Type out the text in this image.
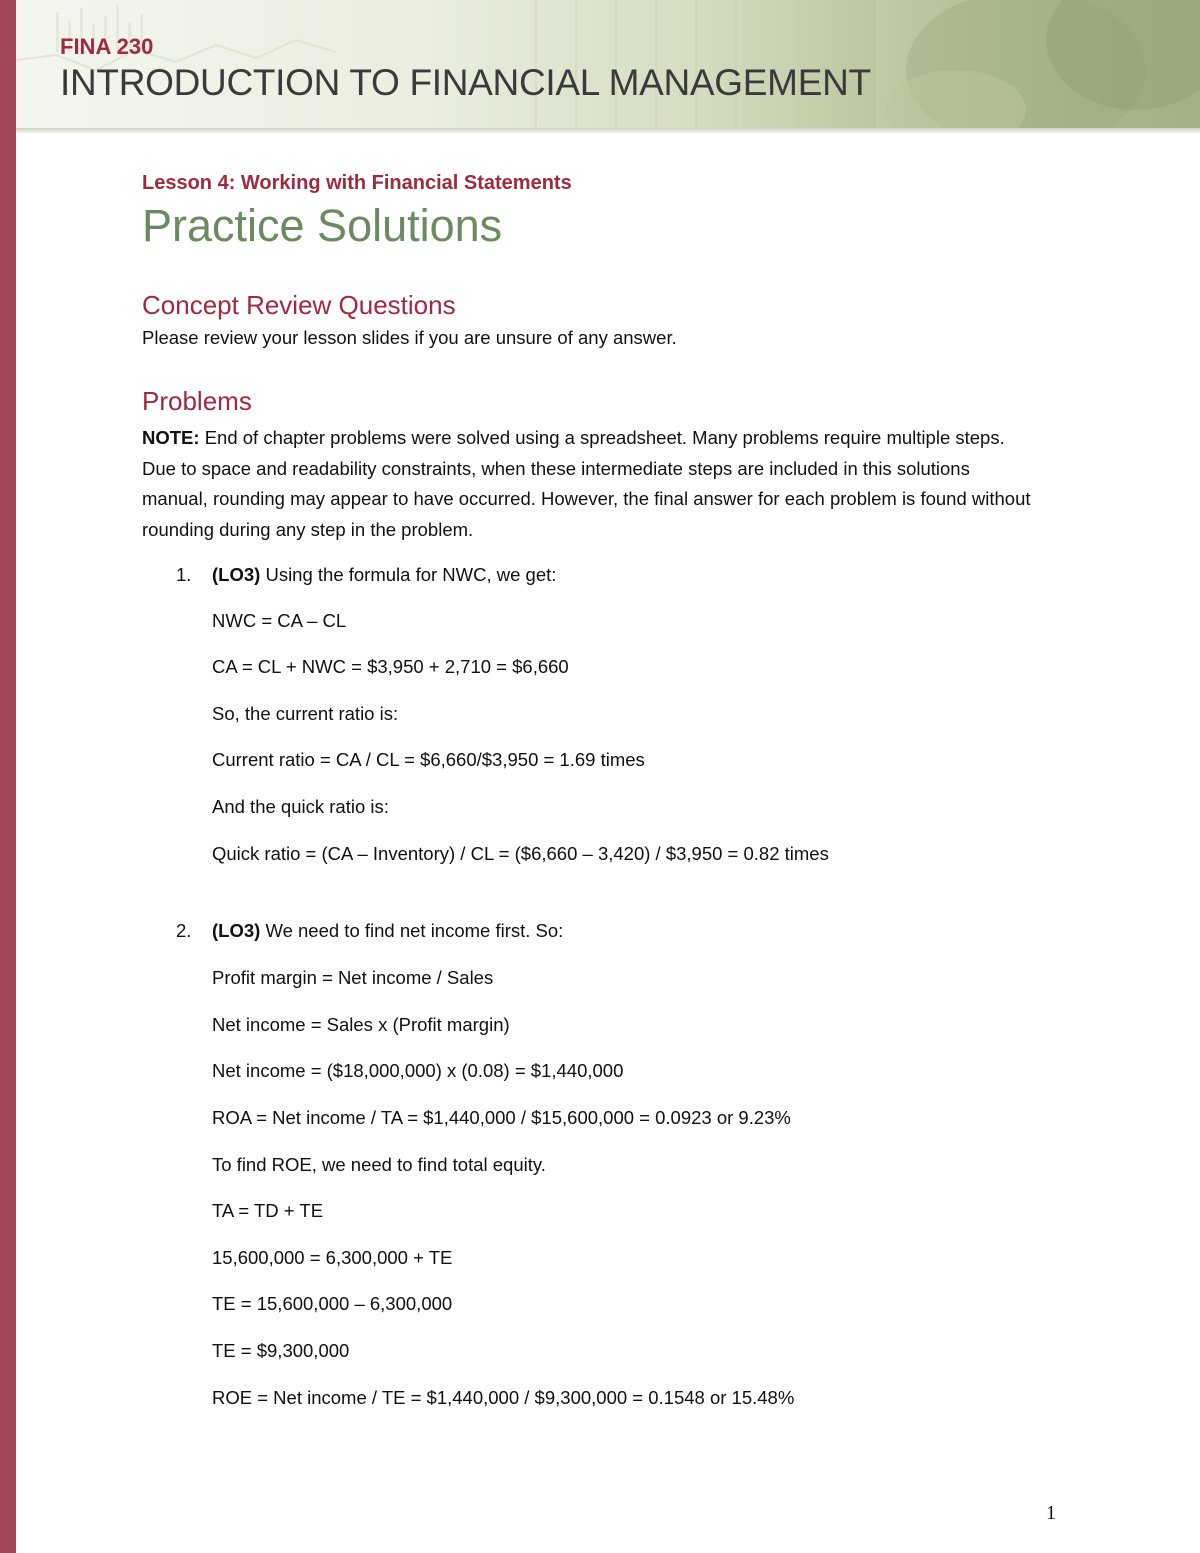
FINA 230
INTRODUCTION TO FINANCIAL MANAGEMENT
Lesson 4: Working with Financial Statements
Practice Solutions
Concept Review Questions

Please review your lesson slides if you are unsure of any answer.

Problems

NOTE: End of chapter problems were solved using a spreadsheet. Many problems require multiple steps. Due to space and readability constraints, when these intermediate steps are included in this solutions manual, rounding may appear to have occurred. However, the final answer for each problem is found without rounding during any step in the problem.

1. (LO3) Using the formula for NWC, we get:

NWC = CA – CL

CA = CL + NWC = $3,950 + 2,710 = $6,660

So, the current ratio is:

Current ratio = CA / CL = $6,660/$3,950 = 1.69 times

And the quick ratio is:

Quick ratio = (CA – Inventory) / CL = ($6,660 – 3,420) / $3,950 = 0.82 times

2. (LO3) We need to find net income first. So:

Profit margin = Net income / Sales

Net income = Sales x (Profit margin)

Net income = ($18,000,000) x (0.08) = $1,440,000

ROA = Net income / TA = $1,440,000 / $15,600,000 = 0.0923 or 9.23%

To find ROE, we need to find total equity.

TA = TD + TE

15,600,000 = 6,300,000 + TE

TE = 15,600,000 – 6,300,000

TE = $9,300,000

ROE = Net income / TE = $1,440,000 / $9,300,000 = 0.1548 or 15.48%

1
